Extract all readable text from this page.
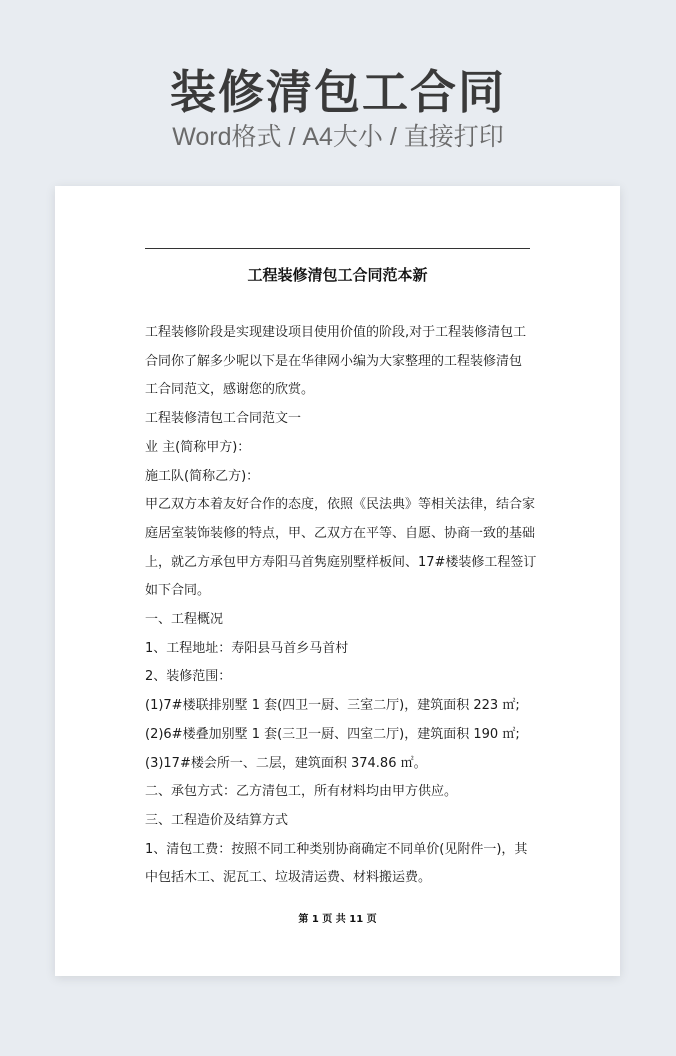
装修清包工合同
Word格式 / A4大小 / 直接打印
工程装修清包工合同范本新
工程装修阶段是实现建设项目使用价值的阶段,对于工程装修清包工
合同你了解多少呢以下是在华律网小编为大家整理的工程装修清包
工合同范文，感谢您的欣赏。
工程装修清包工合同范文一
业 主(简称甲方)：
施工队(简称乙方)：
甲乙双方本着友好合作的态度，依照《民法典》等相关法律，结合家
庭居室装饰装修的特点，甲、乙双方在平等、自愿、协商一致的基础
上，就乙方承包甲方寿阳马首隽庭别墅样板间、17#楼装修工程签订
如下合同。
一、工程概况
1、工程地址：寿阳县马首乡马首村
2、装修范围：
(1)7#楼联排别墅 1 套(四卫一厨、三室二厅)，建筑面积 223 ㎡;
(2)6#楼叠加别墅 1 套(三卫一厨、四室二厅)，建筑面积 190 ㎡;
(3)17#楼会所一、二层，建筑面积 374.86 ㎡。
二、承包方式：乙方清包工，所有材料均由甲方供应。
三、工程造价及结算方式
1、清包工费：按照不同工种类别协商确定不同单价(见附件一)，其
中包括木工、泥瓦工、垃圾清运费、材料搬运费。
第 1 页 共 11 页
